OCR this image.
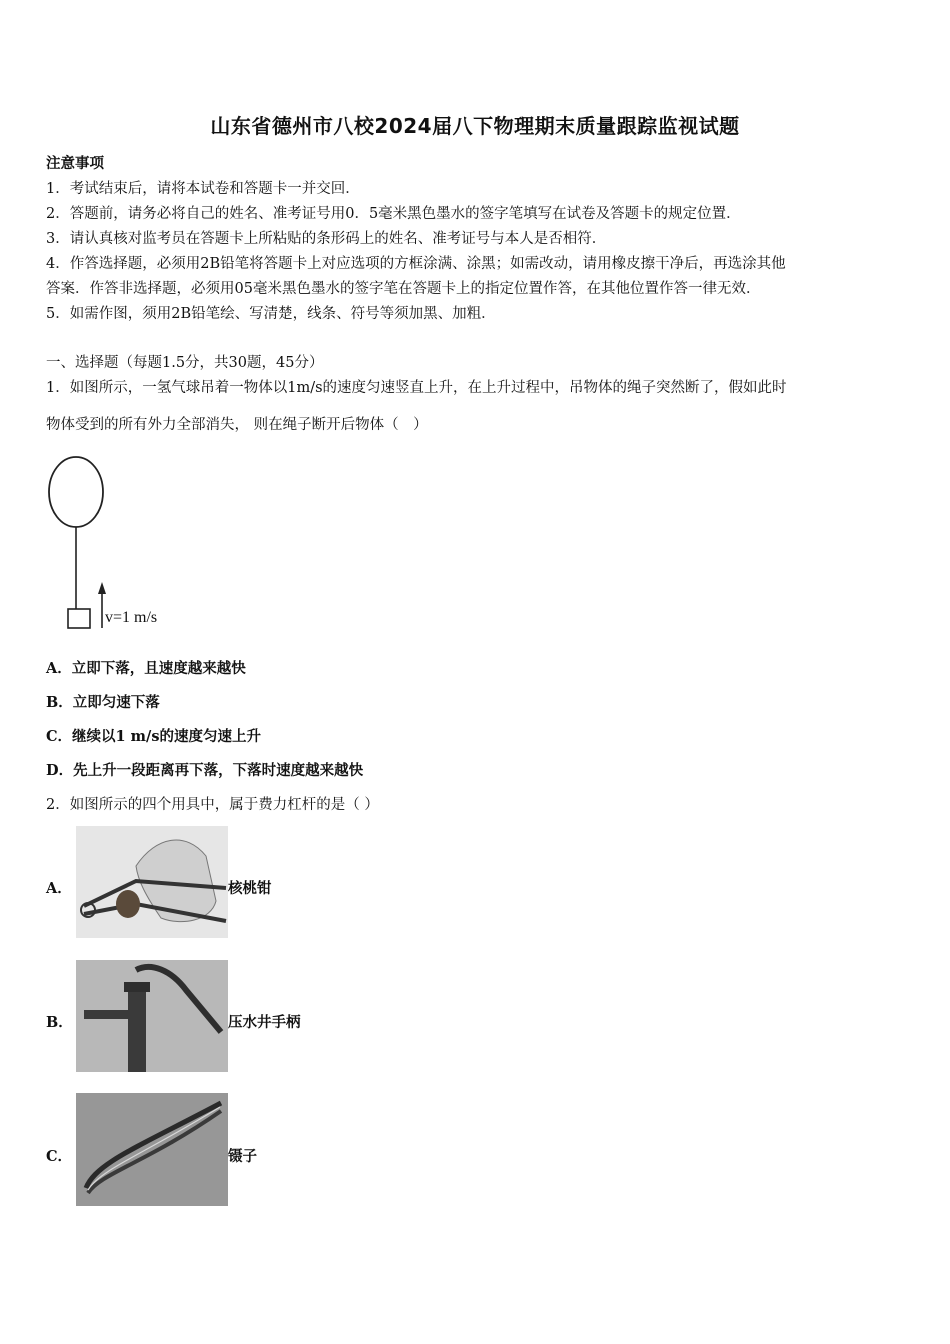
山东省德州市八校2024届八下物理期末质量跟踪监视试题
注意事项
1．考试结束后，请将本试卷和答题卡一并交回．
2．答题前，请务必将自己的姓名、准考证号用0．5毫米黑色墨水的签字笔填写在试卷及答题卡的规定位置．
3．请认真核对监考员在答题卡上所粘贴的条形码上的姓名、准考证号与本人是否相符．
4．作答选择题，必须用2B铅笔将答题卡上对应选项的方框涂满、涂黑；如需改动，请用橡皮擦干净后，再选涂其他
答案．作答非选择题，必须用05毫米黑色墨水的签字笔在答题卡上的指定位置作答，在其他位置作答一律无效．
5．如需作图，须用2B铅笔绘、写清楚，线条、符号等须加黑、加粗．
一、选择题（每题1.5分，共30题，45分）
1．如图所示，一氢气球吊着一物体以1m/s的速度匀速竖直上升，在上升过程中，吊物体的绳子突然断了，假如此时
物体受到的所有外力全部消失， 则在绳子断开后物体（　）
v=1 m/s
A．立即下落，且速度越来越快
B．立即匀速下落
C．继续以1 m/s的速度匀速上升
D．先上升一段距离再下落，下落时速度越来越快
2．如图所示的四个用具中，属于费力杠杆的是（ ）
A．	核桃钳
B．	压水井手柄
C．	镊子
